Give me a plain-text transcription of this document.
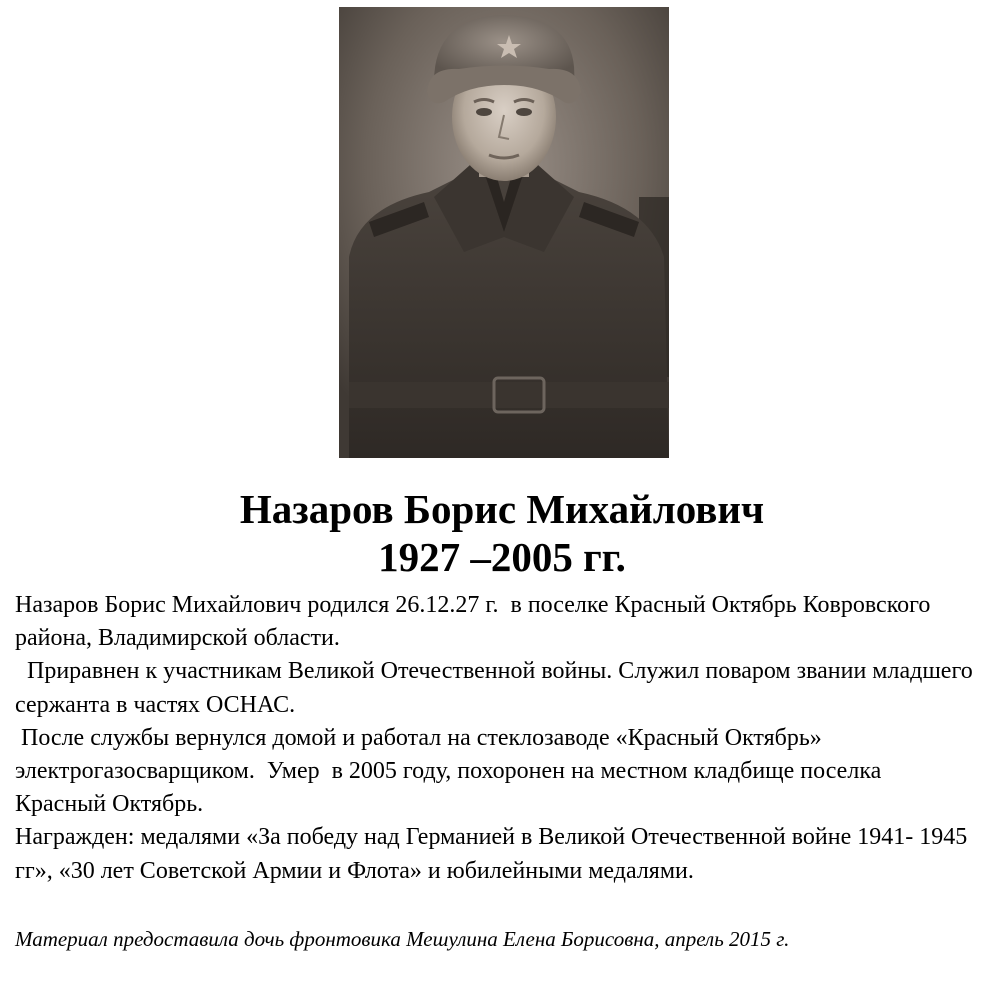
Назаров Борис Михайлович
1927 –2005 гг.

Назаров Борис Михайлович родился 26.12.27 г.  в поселке Красный Октябрь Ковровского района, Владимирской области.

Приравнен к участникам Великой Отечественной войны. Служил поваром звании младшего сержанта в частях ОСНАС.

После службы вернулся домой и работал на стеклозаводе «Красный Октябрь» электрогазосварщиком.  Умер  в 2005 году, похоронен на местном кладбище поселка Красный Октябрь.

Награжден: медалями «За победу над Германией в Великой Отечественной войне 1941- 1945 гг», «30 лет Советской Армии и Флота» и юбилейными медалями.

Материал предоставила дочь фронтовика Мешулина Елена Борисовна, апрель 2015 г.
